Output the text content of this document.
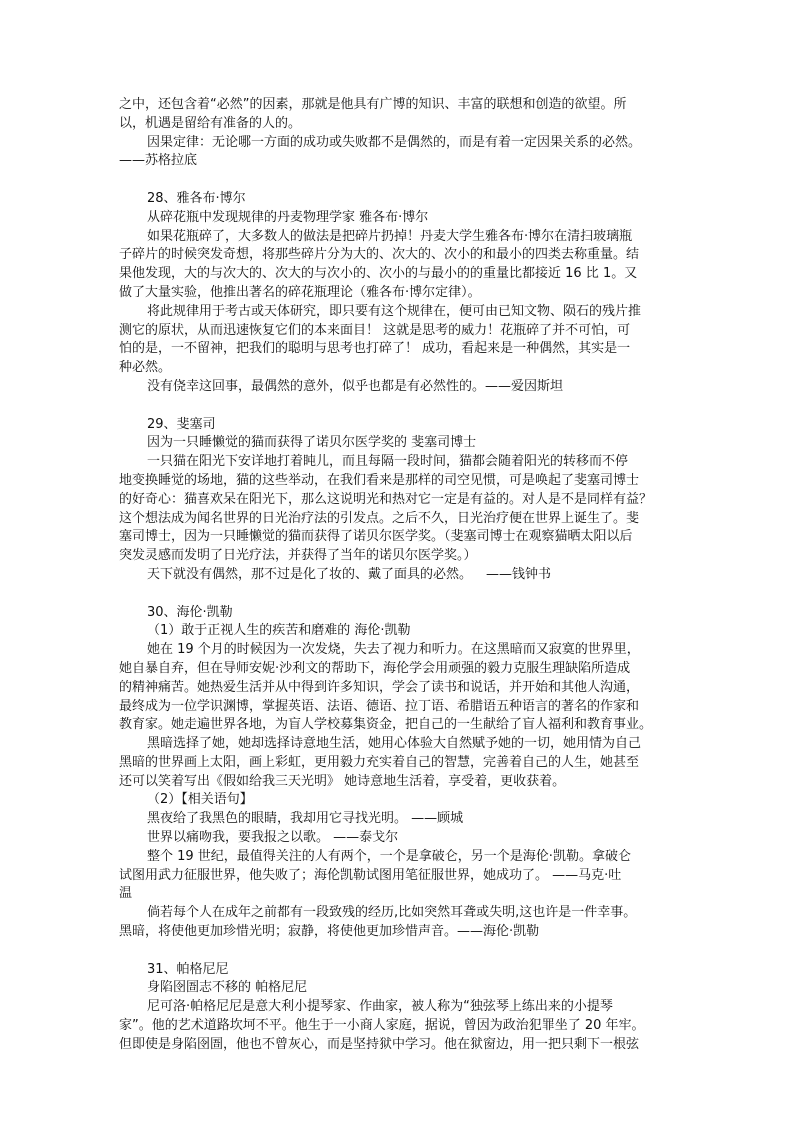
之中，还包含着“必然”的因素，那就是他具有广博的知识、丰富的联想和创造的欲望。所
以，机遇是留给有准备的人的。
因果定律：无论哪一方面的成功或失败都不是偶然的，而是有着一定因果关系的必然。
——苏格拉底
28、雅各布·博尔
从碎花瓶中发现规律的丹麦物理学家 雅各布·博尔
如果花瓶碎了，大多数人的做法是把碎片扔掉！丹麦大学生雅各布·博尔在清扫玻璃瓶
子碎片的时候突发奇想，将那些碎片分为大的、次大的、次小的和最小的四类去称重量。结
果他发现，大的与次大的、次大的与次小的、次小的与最小的的重量比都接近 16 比 1。又
做了大量实验，他推出著名的碎花瓶理论（雅各布·博尔定律）。
将此规律用于考古或天体研究，即只要有这个规律在，便可由已知文物、陨石的残片推
测它的原状，从而迅速恢复它们的本来面目！ 这就是思考的威力！花瓶碎了并不可怕，可
怕的是，一不留神，把我们的聪明与思考也打碎了！ 成功，看起来是一种偶然，其实是一
种必然。
没有侥幸这回事，最偶然的意外，似乎也都是有必然性的。——爱因斯坦
29、斐塞司
因为一只睡懒觉的猫而获得了诺贝尔医学奖的 斐塞司博士
一只猫在阳光下安详地打着盹儿，而且每隔一段时间，猫都会随着阳光的转移而不停
地变换睡觉的场地，猫的这些举动，在我们看来是那样的司空见惯，可是唤起了斐塞司博士
的好奇心：猫喜欢呆在阳光下，那么这说明光和热对它一定是有益的。对人是不是同样有益？
这个想法成为闻名世界的日光治疗法的引发点。之后不久，日光治疗便在世界上诞生了。斐
塞司博士，因为一只睡懒觉的猫而获得了诺贝尔医学奖。（斐塞司博士在观察猫晒太阳以后
突发灵感而发明了日光疗法，并获得了当年的诺贝尔医学奖。）
天下就没有偶然，那不过是化了妆的、戴了面具的必然。 ——钱钟书
30、海伦·凯勒
（1）敢于正视人生的疾苦和磨难的 海伦·凯勒
她在 19 个月的时候因为一次发烧，失去了视力和听力。在这黑暗而又寂寞的世界里，
她自暴自弃，但在导师安妮·沙利文的帮助下，海伦学会用顽强的毅力克服生理缺陷所造成
的精神痛苦。她热爱生活并从中得到许多知识，学会了读书和说话，并开始和其他人沟通，
最终成为一位学识渊博，掌握英语、法语、德语、拉丁语、希腊语五种语言的著名的作家和
教育家。她走遍世界各地，为盲人学校募集资金，把自己的一生献给了盲人福利和教育事业。
黑暗选择了她，她却选择诗意地生活，她用心体验大自然赋予她的一切，她用情为自己
黑暗的世界画上太阳，画上彩虹，更用毅力充实着自己的智慧，完善着自己的人生，她甚至
还可以笑着写出《假如给我三天光明》 她诗意地生活着，享受着，更收获着。
（2）【相关语句】
黑夜给了我黑色的眼睛，我却用它寻找光明。 ——顾城
世界以痛吻我，要我报之以歌。 ——泰戈尔
整个 19 世纪，最值得关注的人有两个，一个是拿破仑，另一个是海伦·凯勒。拿破仑
试图用武力征服世界，他失败了；海伦凯勒试图用笔征服世界，她成功了。 ——马克·吐
温
倘若每个人在成年之前都有一段致残的经历,比如突然耳聋或失明,这也许是一件幸事。
黑暗，将使他更加珍惜光明；寂静，将使他更加珍惜声音。——海伦·凯勒
31、帕格尼尼
身陷囹圄志不移的 帕格尼尼
尼可洛·帕格尼尼是意大利小提琴家、作曲家，被人称为“独弦琴上练出来的小提琴
家”。他的艺术道路坎坷不平。他生于一小商人家庭，据说，曾因为政治犯罪坐了 20 年牢。
但即使是身陷囹圄，他也不曾灰心，而是坚持狱中学习。他在狱窗边，用一把只剩下一根弦
